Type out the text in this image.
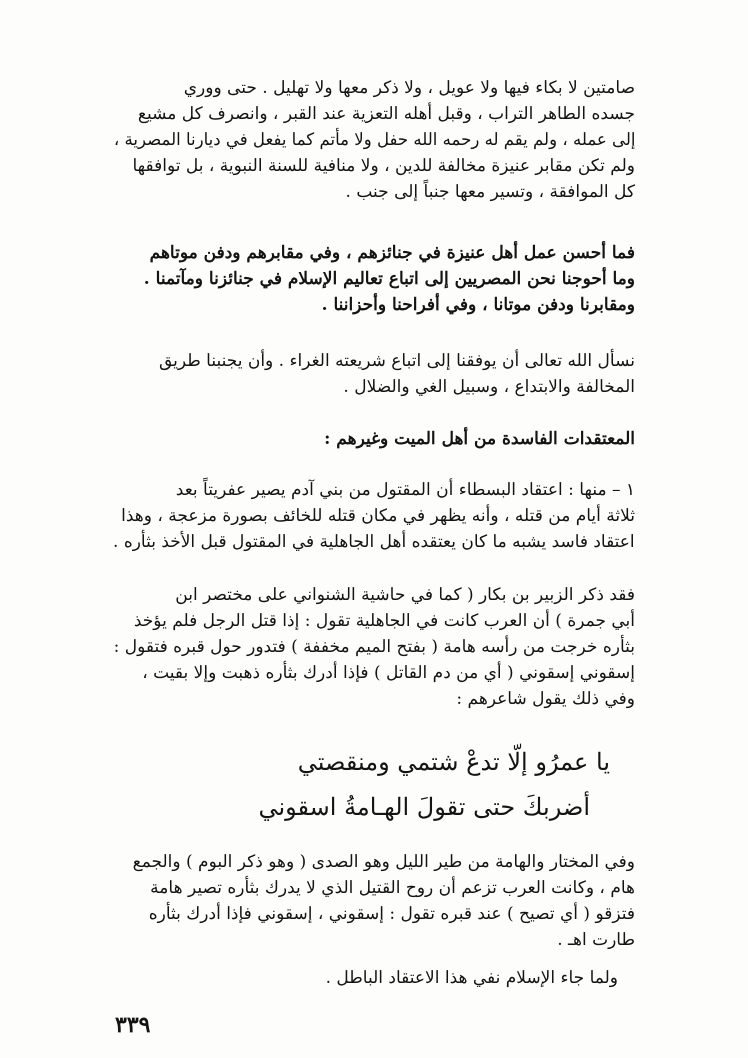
صامتين لا بكاء فيها ولا عويل ، ولا ذكر معها ولا تهليل . حتى ووري
جسده الطاهر التراب ، وقبل أهله التعزية عند القبر ، وانصرف كل مشيع
إلى عمله ، ولم يقم له رحمه الله حفل ولا مأتم كما يفعل في ديارنا المصرية ،
ولم تكن مقابر عنيزة مخالفة للدين ، ولا منافية للسنة النبوية ، بل توافقها
كل الموافقة ، وتسير معها جنباً إلى جنب .
فما أحسن عمل أهل عنيزة في جنائزهم ، وفي مقابرهم ودفن موتاهم
وما أحوجنا نحن المصريين إلى اتباع تعاليم الإسلام في جنائزنا ومآتمنا .
ومقابرنا ودفن موتانا ، وفي أفراحنا وأحزاننا .
نسأل الله تعالى أن يوفقنا إلى اتباع شريعته الغراء . وأن يجنبنا طريق
المخالفة والابتداع ، وسبيل الغي والضلال .
المعتقدات الفاسدة من أهل الميت وغيرهم :
١ – منها : اعتقاد البسطاء أن المقتول من بني آدم يصير عفريتاً بعد
ثلاثة أيام من قتله ، وأنه يظهر في مكان قتله للخائف بصورة مزعجة ، وهذا
اعتقاد فاسد يشبه ما كان يعتقده أهل الجاهلية في المقتول قبل الأخذ بثأره .
فقد ذكر الزبير بن بكار ( كما في حاشية الشنواني على مختصر ابن
أبي جمرة ) أن العرب كانت في الجاهلية تقول : إذا قتل الرجل فلم يؤخذ
بثأره خرجت من رأسه هامة ( بفتح الميم مخففة ) فتدور حول قبره فتقول :
إسقوني إسقوني ( أي من دم القاتل ) فإذا أدرك بثأره ذهبت وإلا بقيت ،
وفي ذلك يقول شاعرهم :
يا عمرُو إلّا تدعْ شتمي ومنقصتي
أضربكَ حتى تقولَ الهـامةُ اسقوني
وفي المختار والهامة من طير الليل وهو الصدى ( وهو ذكر البوم ) والجمع
هام ، وكانت العرب تزعم أن روح القتيل الذي لا يدرك بثأره تصير هامة
فتزقو ( أي تصيح ) عند قبره تقول : إسقوني ، إسقوني فإذا أدرك بثأره
طارت اهـ .
ولما جاء الإسلام نفي هذا الاعتقاد الباطل .
٣٣٩
